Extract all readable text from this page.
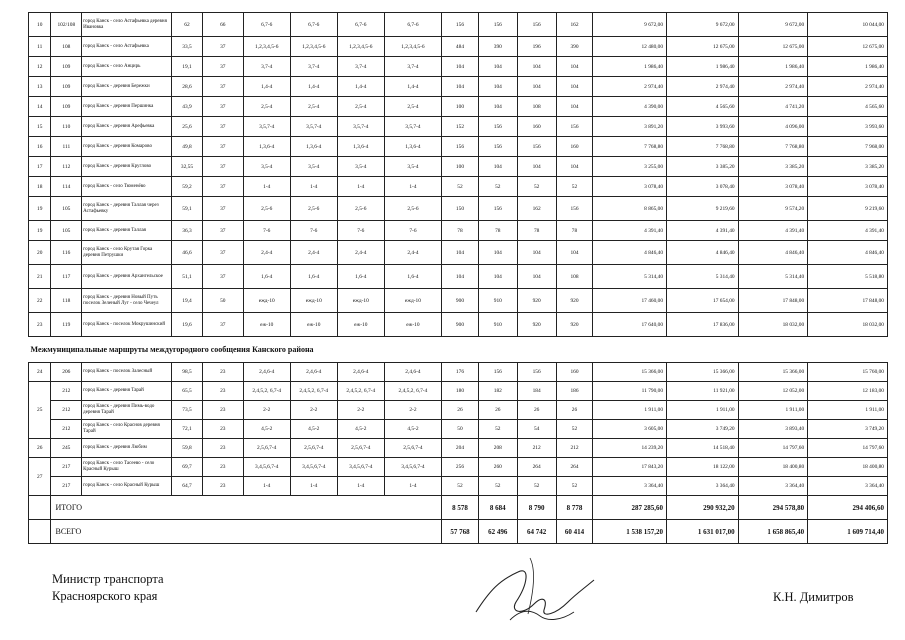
10	102/108	город Канск - село Астафьевка деревня Ивановка	62	66	6,7-6	6,7-6	6,7-6	6,7-6	156	156	156	162	9 672,00	9 672,00	9 672,00	10 044,00
11	108	город Канск - село Астафьевка	33,5	37	1,2,3,4,5-6	1,2,3,4,5-6	1,2,3,4,5-6	1,2,3,4,5-6	484	390	196	390	12 480,00	12 675,00	12 675,00	12 675,00
12	109	город Канск - село Анцирь	19,1	37	3,7-4	3,7-4	3,7-4	3,7-4	104	104	104	104	1 986,40	1 986,40	1 986,40	1 986,40
13	109	город Канск - деревня Бережки	28,6	37	1,4-4	1,4-4	1,4-4	1,4-4	104	104	104	104	2 974,40	2 974,40	2 974,40	2 974,40
14	109	город Канск - деревня Першинка	43,9	37	2,5-4	2,5-4	2,5-4	2,5-4	100	104	108	104	4 390,00	4 565,60	4 741,20	4 565,60
15	110	город Канск - деревня Арефьевка	25,6	37	3,5,7-4	3,5,7-4	3,5,7-4	3,5,7-4	152	156	160	156	3 891,20	3 993,60	4 096,00	3 993,60
16	111	город Канск - деревня Комарово	49,8	37	1,3,6-4	1,3,6-4	1,3,6-4	1,3,6-4	156	156	156	160	7 768,80	7 768,80	7 768,80	7 968,00
17	112	город Канск - деревня Круглово	32,55	37	3,5-4	3,5-4	3,5-4	3,5-4	100	104	104	104	3 255,00	3 385,20	3 385,20	3 385,20
18	114	город Канск - село Тюменёво	59,2	37	1-4	1-4	1-4	1-4	52	52	52	52	3 078,40	3 078,40	3 078,40	3 078,40
19	105	город Канск - деревня Таллая через Астафьевку	59,1	37	2,5-6	2,5-6	2,5-6	2,5-6	150	156	162	156	8 865,00	9 219,60	9 574,20	9 219,60
19	105	город Канск - деревня Таллая	36,3	37	7-6	7-6	7-6	7-6	78	78	78	78	4 391,40	4 391,40	4 391,40	4 391,40
20	116	город Канск - село Крутая Горка деревня Петрушки	46,6	37	2,4-4	2,4-4	2,4-4	2,4-4	104	104	104	104	4 846,40	4 846,40	4 846,40	4 846,40
21	117	город Канск - деревня Архангельское	51,1	37	1,6-4	1,6-4	1,6-4	1,6-4	104	104	104	108	5 314,40	5 314,40	5 314,40	5 518,80
22	118	город Канск - деревня Новый Путь поселок Зеленый Луг - село Чечеул	19,4	50	ежд-10	ежд-10	ежд-10	ежд-10	900	910	920	920	17 460,00	17 654,00	17 848,00	17 848,00
23	119	город Канск - поселок Мокрушинский	19,6	37	еж-10	еж-10	еж-10	еж-10	900	910	920	920	17 640,00	17 836,00	18 032,00	18 032,00
Межмуниципальные маршруты междугородного сообщения Канского района																
24	206	город Канск - поселок Залесный	98,5	23	2,4,6-4	2,4,6-4	2,4,6-4	2,4,6-4	176	156	156	160	15 366,00	15 366,00	15 366,00	15 760,00
25	212	город Канск - деревня Тарай	65,5	23	2,4,5,2, 6,7-4	2,4,5,2, 6,7-4	2,4,5,2, 6,7-4	2,4,5,2, 6,7-4	180	182	184	186	11 790,00	11 921,00	12 052,00	12 183,00
	212	город Канск - деревня Пимь-водо деревня Тарай	73,5	23	2-2	2-2	2-2	2-2	26	26	26	26	1 911,00	1 911,00	1 911,00	1 911,00
	212	город Канск - село Краснов деревня Тарай	72,1	23	4,5-2	4,5-2	4,5-2	4,5-2	50	52	54	52	3 605,00	3 749,20	3 893,40	3 749,20
26	245	город Канск - деревня Любим	59,8	23	2,5,6,7-4	2,5,6,7-4	2,5,6,7-4	2,5,6,7-4	204	208	212	212	14 239,20	14 518,40	14 797,60	14 797,60
27	217	город Канск - село Тасеево - село Красный Курыш	69,7	23	3,4,5,6,7-4	3,4,5,6,7-4	3,4,5,6,7-4	3,4,5,6,7-4	256	260	264	264	17 843,20	18 122,00	18 400,80	18 400,80
	217	город Канск - село Красный Курыш	64,7	23	1-4	1-4	1-4	1-4	52	52	52	52	3 364,40	3 364,40	3 364,40	3 364,40
	ИТОГО								8 578	8 684	8 790	8 778	287 285,60	290 932,20	294 578,80	294 406,60
	ВСЕГО								57 768	62 496	64 742	60 414	1 538 157,20	1 631 017,00	1 658 865,40	1 609 714,40
Министр транспорта
Красноярского края	К.Н. Димитров
